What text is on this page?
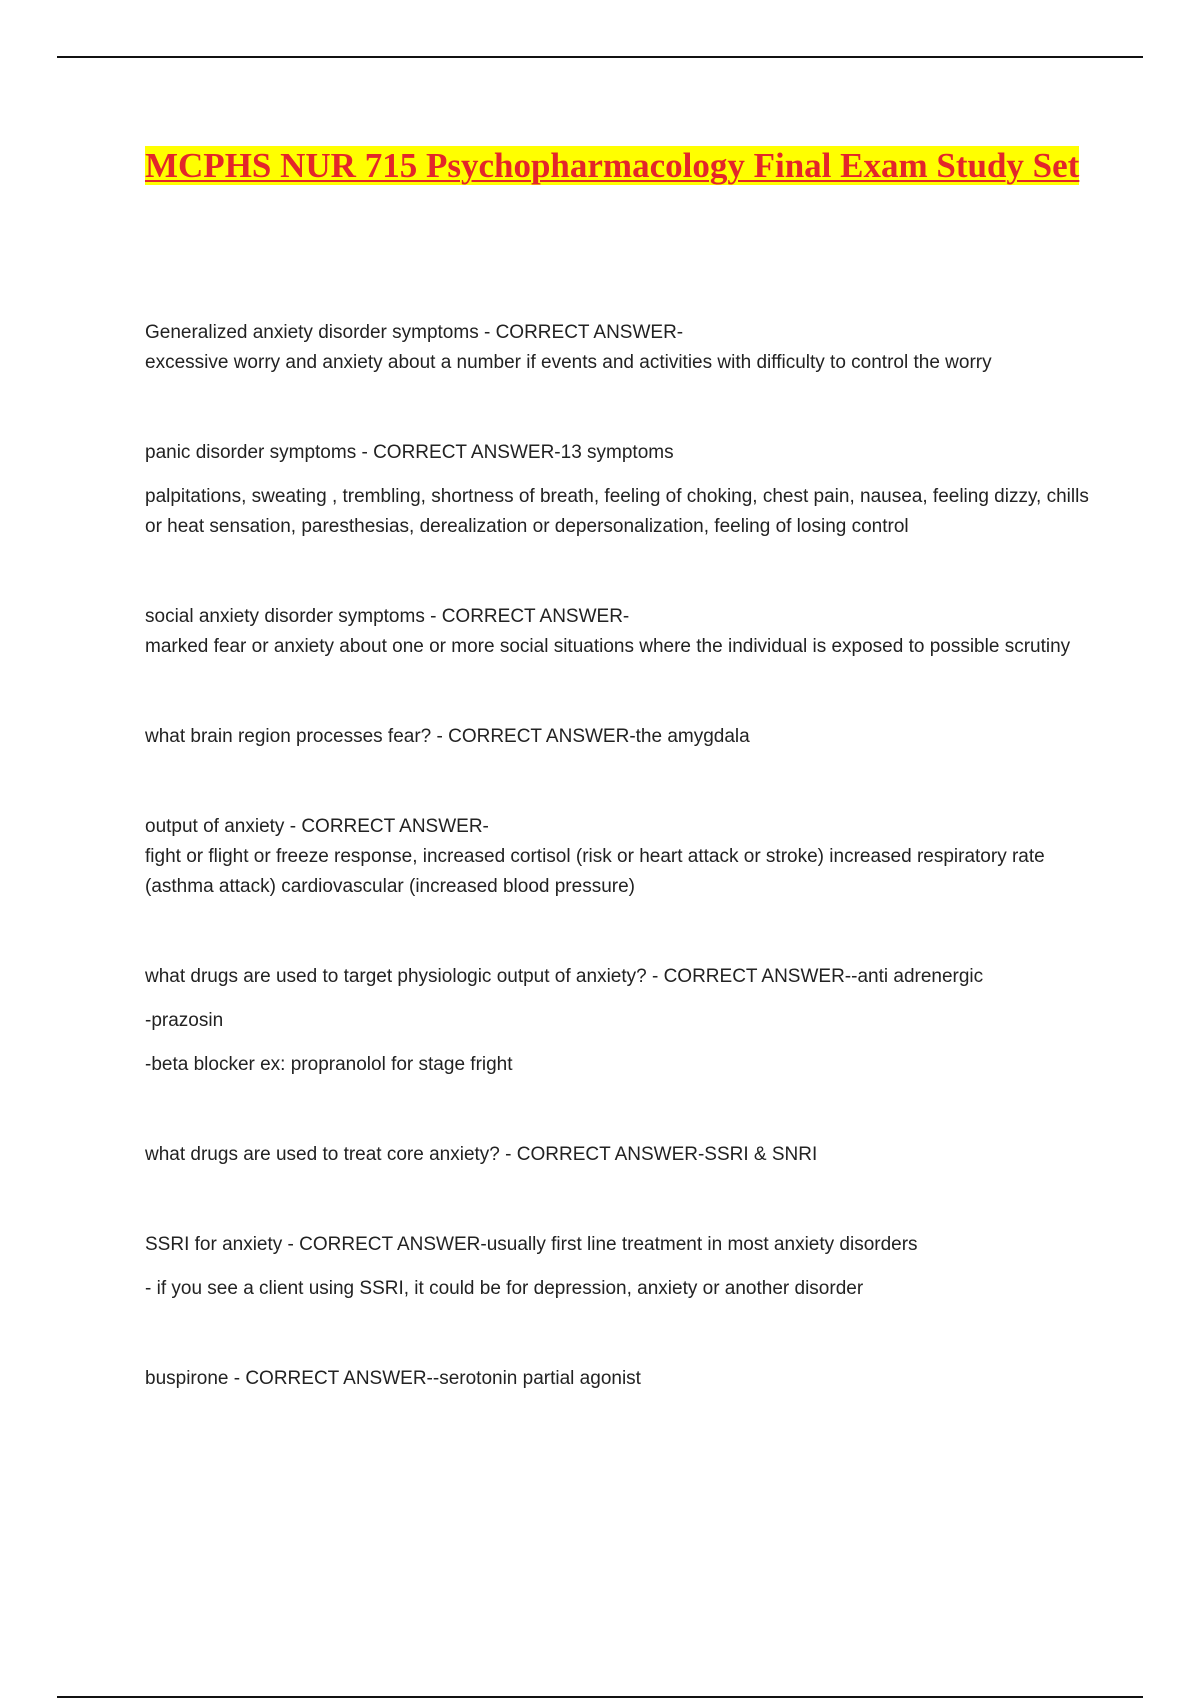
MCPHS NUR 715 Psychopharmacology Final Exam Study Set
Generalized anxiety disorder symptoms - CORRECT ANSWER-
excessive worry and anxiety about a number if events and activities with difficulty to control the worry
panic disorder symptoms - CORRECT ANSWER-13 symptoms
palpitations, sweating , trembling, shortness of breath, feeling of choking, chest pain, nausea, feeling dizzy, chills or heat sensation, paresthesias, derealization or depersonalization, feeling of losing control
social anxiety disorder symptoms - CORRECT ANSWER-
marked fear or anxiety about one or more social situations where the individual is exposed to possible scrutiny
what brain region processes fear? - CORRECT ANSWER-the amygdala
output of anxiety - CORRECT ANSWER-
fight or flight or freeze response, increased cortisol (risk or heart attack or stroke) increased respiratory rate (asthma attack) cardiovascular (increased blood pressure)
what drugs are used to target physiologic output of anxiety? - CORRECT ANSWER--anti adrenergic
-prazosin
-beta blocker ex: propranolol for stage fright
what drugs are used to treat core anxiety? - CORRECT ANSWER-SSRI & SNRI
SSRI for anxiety - CORRECT ANSWER-usually first line treatment in most anxiety disorders
- if you see a client using SSRI, it could be for depression, anxiety or another disorder
buspirone - CORRECT ANSWER--serotonin partial agonist
